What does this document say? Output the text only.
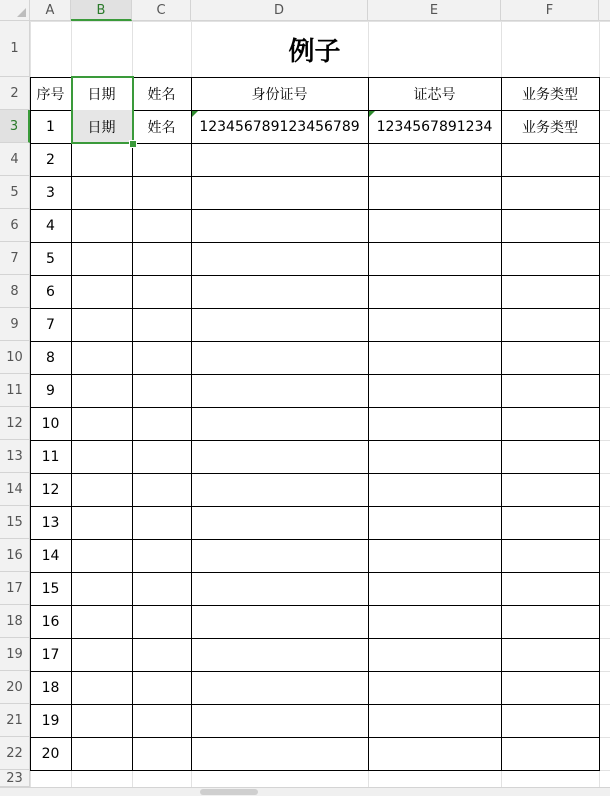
A	B	C	D	E	F
1
2
3
4
5
6
7
8
9
10
11
12
13
14
15
16
17
18
19
20
21
22
23
例子
序号	日期	姓名	身份证号	证芯号	业务类型
1	日期	姓名	123456789123456789	1234567891234	业务类型
2
3
4
5
6
7
8
9
10
11
12
13
14
15
16
17
18
19
20
